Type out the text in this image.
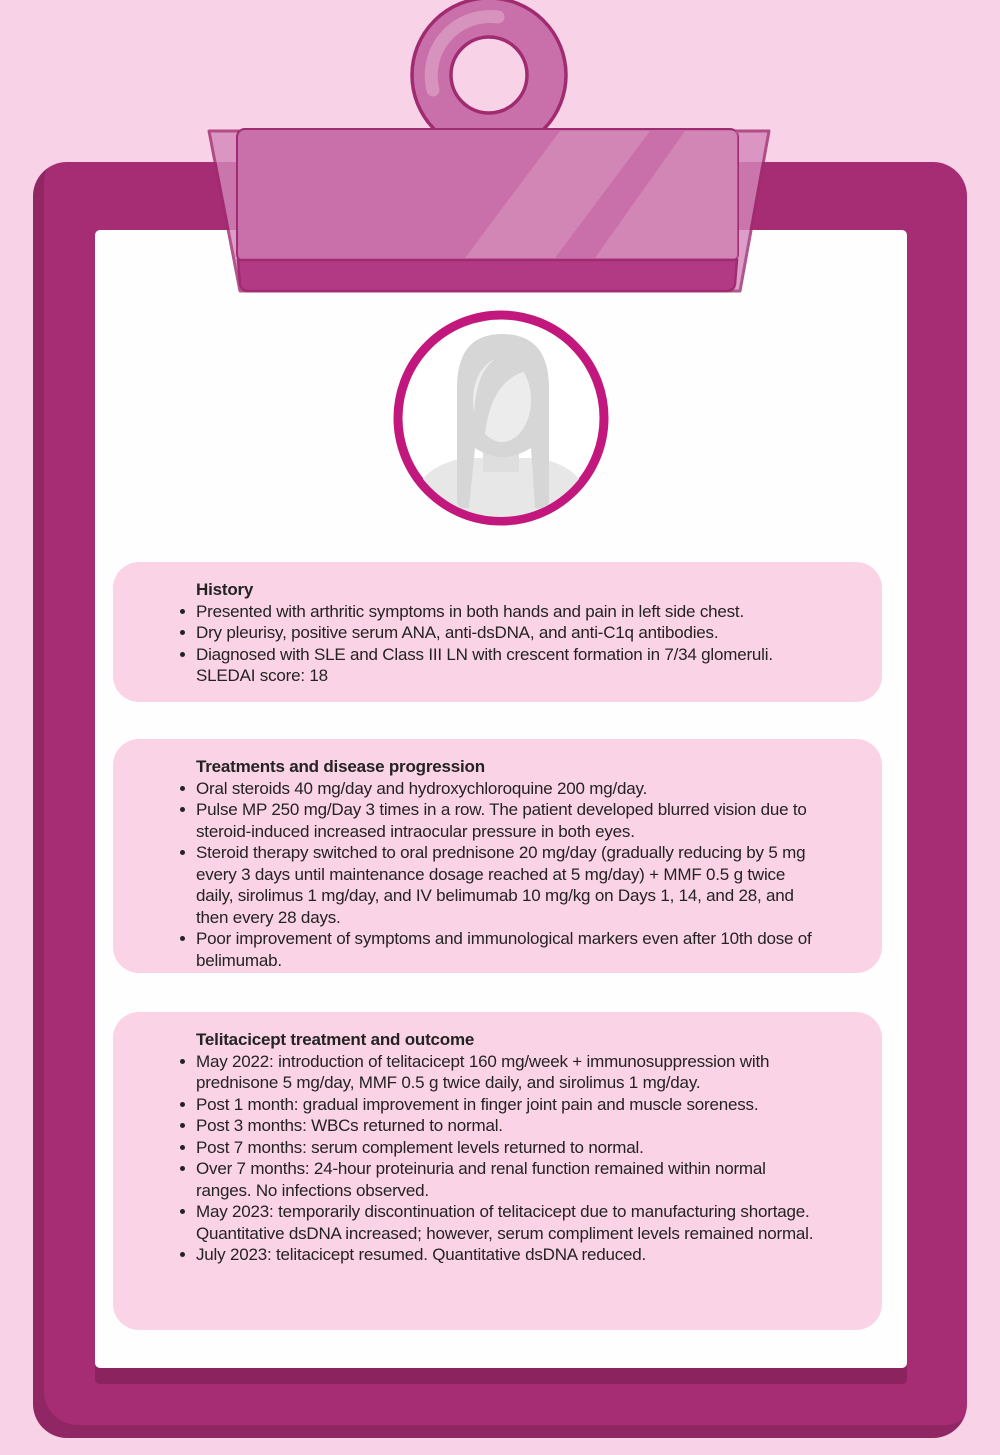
History
Presented with arthritic symptoms in both hands and pain in left side chest.
Dry pleurisy, positive serum ANA, anti-dsDNA, and anti-C1q antibodies.
Diagnosed with SLE and Class III LN with crescent formation in 7/34 glomeruli. SLEDAI score: 18
Treatments and disease progression
Oral steroids 40 mg/day and hydroxychloroquine 200 mg/day.
Pulse MP 250 mg/Day 3 times in a row. The patient developed blurred vision due to steroid-induced increased intraocular pressure in both eyes.
Steroid therapy switched to oral prednisone 20 mg/day (gradually reducing by 5 mg every 3 days until maintenance dosage reached at 5 mg/day) + MMF 0.5 g twice daily, sirolimus 1 mg/day, and IV belimumab 10 mg/kg on Days 1, 14, and 28, and then every 28 days.
Poor improvement of symptoms and immunological markers even after 10th dose of belimumab.
Telitacicept treatment and outcome
May 2022: introduction of telitacicept 160 mg/week + immunosuppression with prednisone 5 mg/day, MMF 0.5 g twice daily, and sirolimus 1 mg/day.
Post 1 month: gradual improvement in finger joint pain and muscle soreness.
Post 3 months: WBCs returned to normal.
Post 7 months: serum complement levels returned to normal.
Over 7 months: 24-hour proteinuria and renal function remained within normal ranges. No infections observed.
May 2023: temporarily discontinuation of telitacicept due to manufacturing shortage. Quantitative dsDNA increased; however, serum compliment levels remained normal.
July 2023: telitacicept resumed. Quantitative dsDNA reduced.
